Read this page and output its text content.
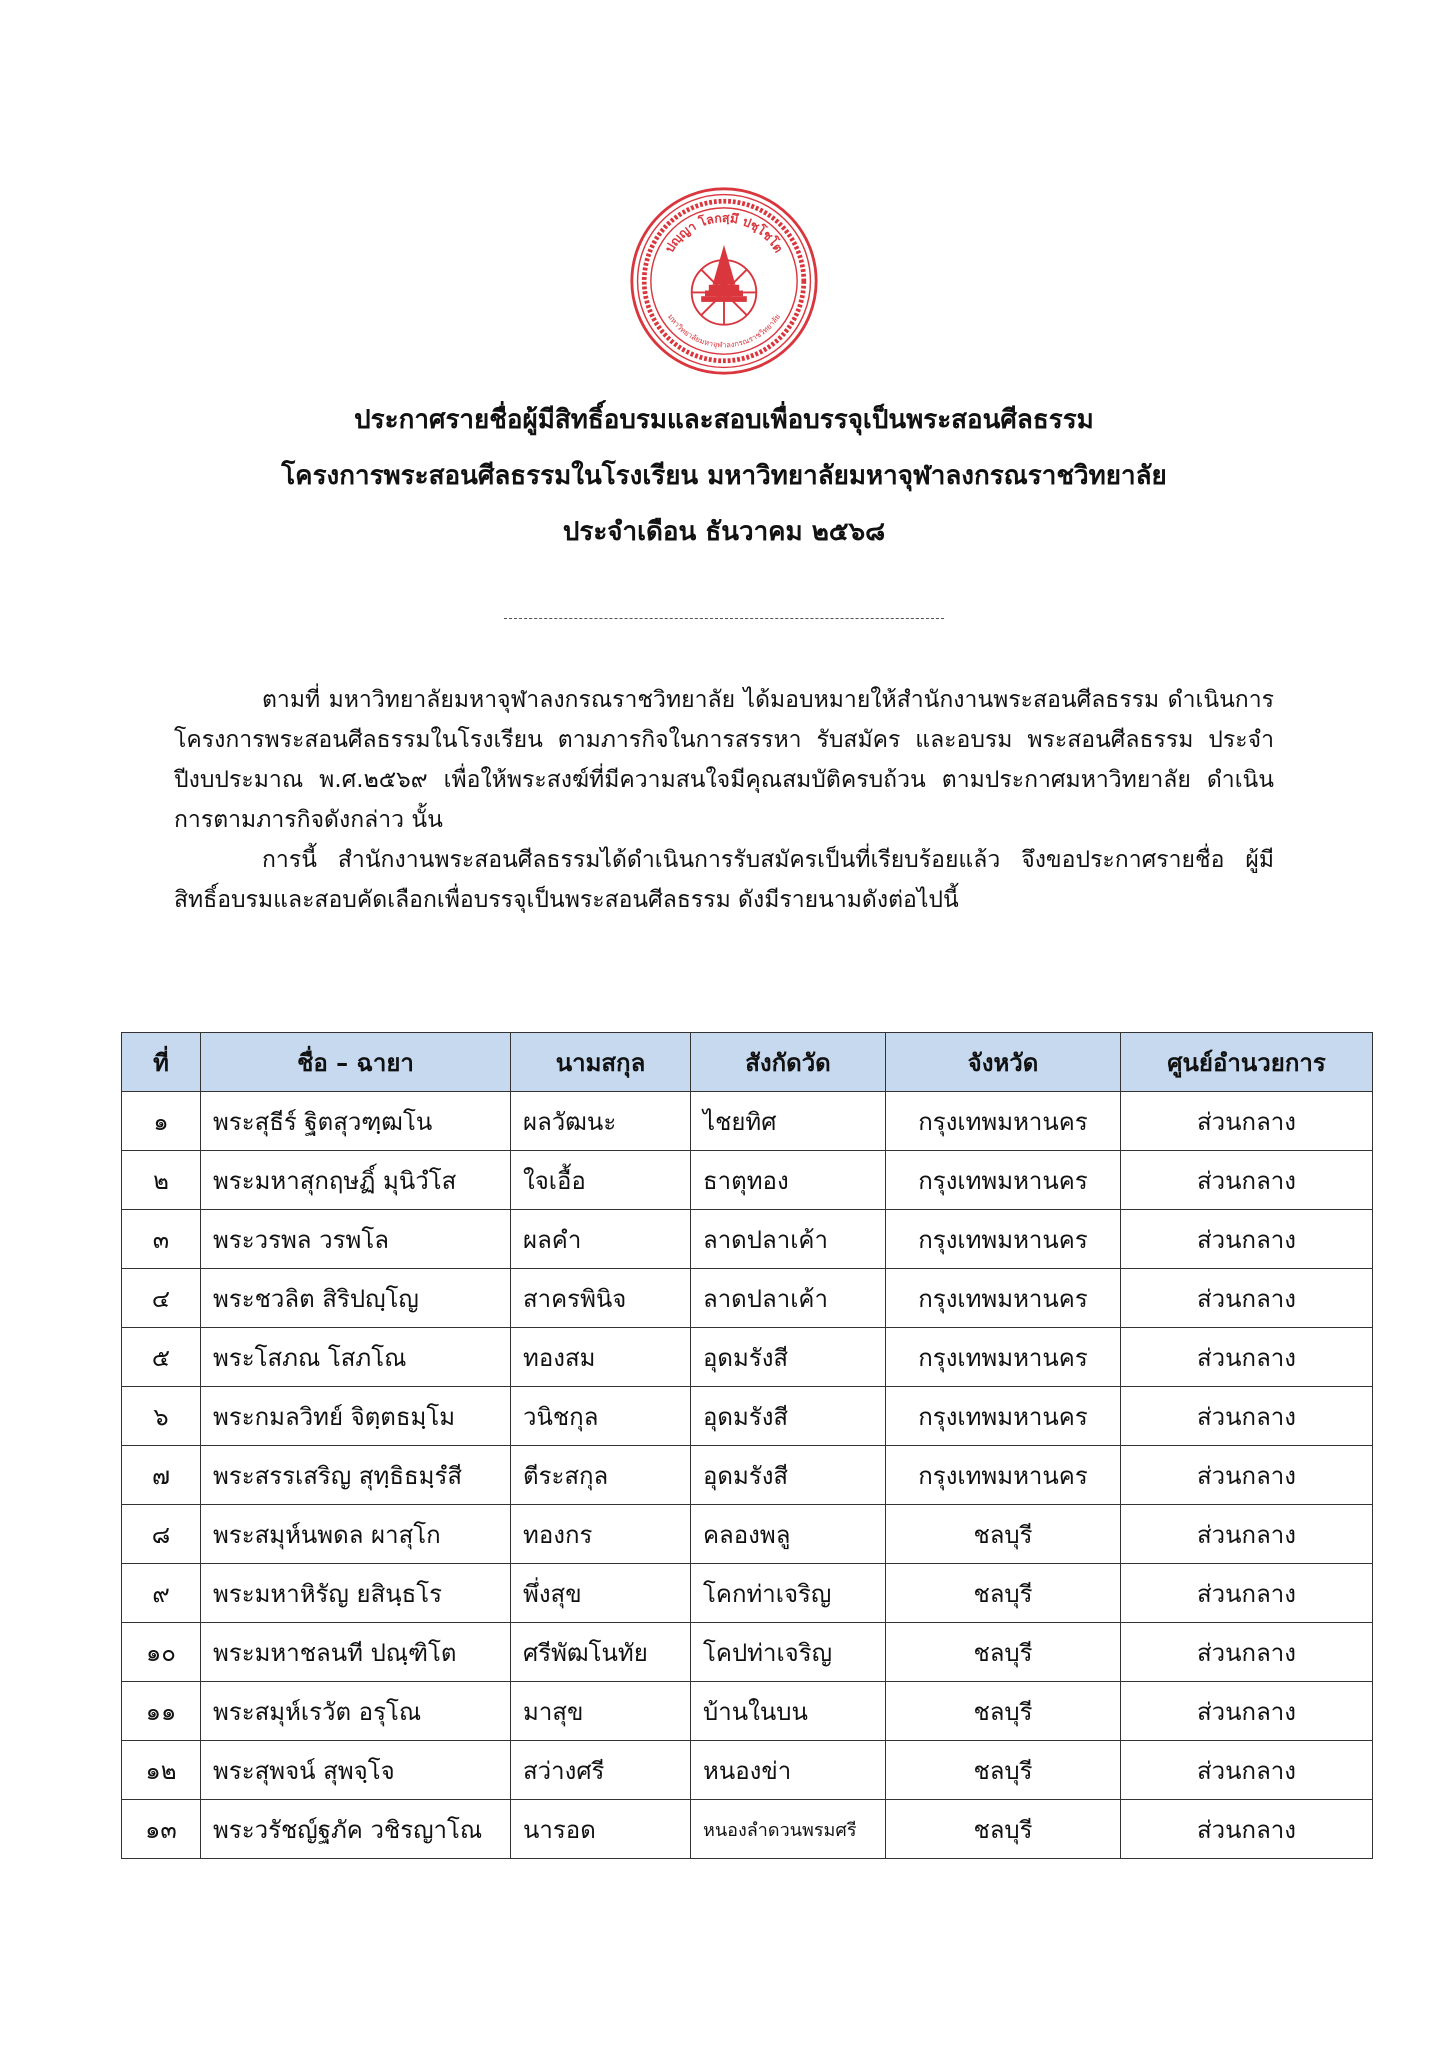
ปญฺญา โลกสฺมึ ปชฺโชโต
มหาวิทยาลัยมหาจุฬาลงกรณราชวิทยาลัย
ประกาศรายชื่อผู้มีสิทธิ์อบรมและสอบเพื่อบรรจุเป็นพระสอนศีลธรรม
โครงการพระสอนศีลธรรมในโรงเรียน มหาวิทยาลัยมหาจุฬาลงกรณราชวิทยาลัย
ประจำเดือน ธันวาคม ๒๕๖๘

ตามที่ มหาวิทยาลัยมหาจุฬาลงกรณราชวิทยาลัย ได้มอบหมายให้สำนักงานพระสอนศีลธรรม ดำเนินการโครงการพระสอนศีลธรรมในโรงเรียน ตามภารกิจในการสรรหา รับสมัคร และอบรม พระสอนศีลธรรม ประจำปีงบประมาณ พ.ศ.๒๕๖๙ เพื่อให้พระสงฆ์ที่มีความสนใจมีคุณสมบัติครบถ้วน ตามประกาศมหาวิทยาลัย ดำเนินการตามภารกิจดังกล่าว นั้น

การนี้ สำนักงานพระสอนศีลธรรมได้ดำเนินการรับสมัครเป็นที่เรียบร้อยแล้ว จึงขอประกาศรายชื่อ ผู้มีสิทธิ์อบรมและสอบคัดเลือกเพื่อบรรจุเป็นพระสอนศีลธรรม ดังมีรายนามดังต่อไปนี้

ที่	ชื่อ – ฉายา	นามสกุล	สังกัดวัด	จังหวัด	ศูนย์อำนวยการ
๑	พระสุธีร์ ฐิตสุวฑฺฒโน	ผลวัฒนะ	ไชยทิศ	กรุงเทพมหานคร	ส่วนกลาง
๒	พระมหาสุกฤษฏิ์ มุนิวํโส	ใจเอื้อ	ธาตุทอง	กรุงเทพมหานคร	ส่วนกลาง
๓	พระวรพล วรพโล	ผลคำ	ลาดปลาเค้า	กรุงเทพมหานคร	ส่วนกลาง
๔	พระชวลิต สิริปญฺโญ	สาครพินิจ	ลาดปลาเค้า	กรุงเทพมหานคร	ส่วนกลาง
๕	พระโสภณ โสภโณ	ทองสม	อุดมรังสี	กรุงเทพมหานคร	ส่วนกลาง
๖	พระกมลวิทย์ จิตฺตธมฺโม	วนิชกุล	อุดมรังสี	กรุงเทพมหานคร	ส่วนกลาง
๗	พระสรรเสริญ สุทฺธิธมฺรํสี	ตีระสกุล	อุดมรังสี	กรุงเทพมหานคร	ส่วนกลาง
๘	พระสมุห์นพดล ผาสุโก	ทองกร	คลองพลู	ชลบุรี	ส่วนกลาง
๙	พระมหาหิรัญ ยสินฺธโร	พึ่งสุข	โคกท่าเจริญ	ชลบุรี	ส่วนกลาง
๑๐	พระมหาชลนที ปณฺฑิโต	ศรีพัฒโนทัย	โคปท่าเจริญ	ชลบุรี	ส่วนกลาง
๑๑	พระสมุห์เรวัต อรุโณ	มาสุข	บ้านในบน	ชลบุรี	ส่วนกลาง
๑๒	พระสุพจน์ สุพจฺโจ	สว่างศรี	หนองข่า	ชลบุรี	ส่วนกลาง
๑๓	พระวรัชญ์ฐภัค วชิรญาโณ	นารอด	หนองลำดวนพรมศรี	ชลบุรี	ส่วนกลาง
